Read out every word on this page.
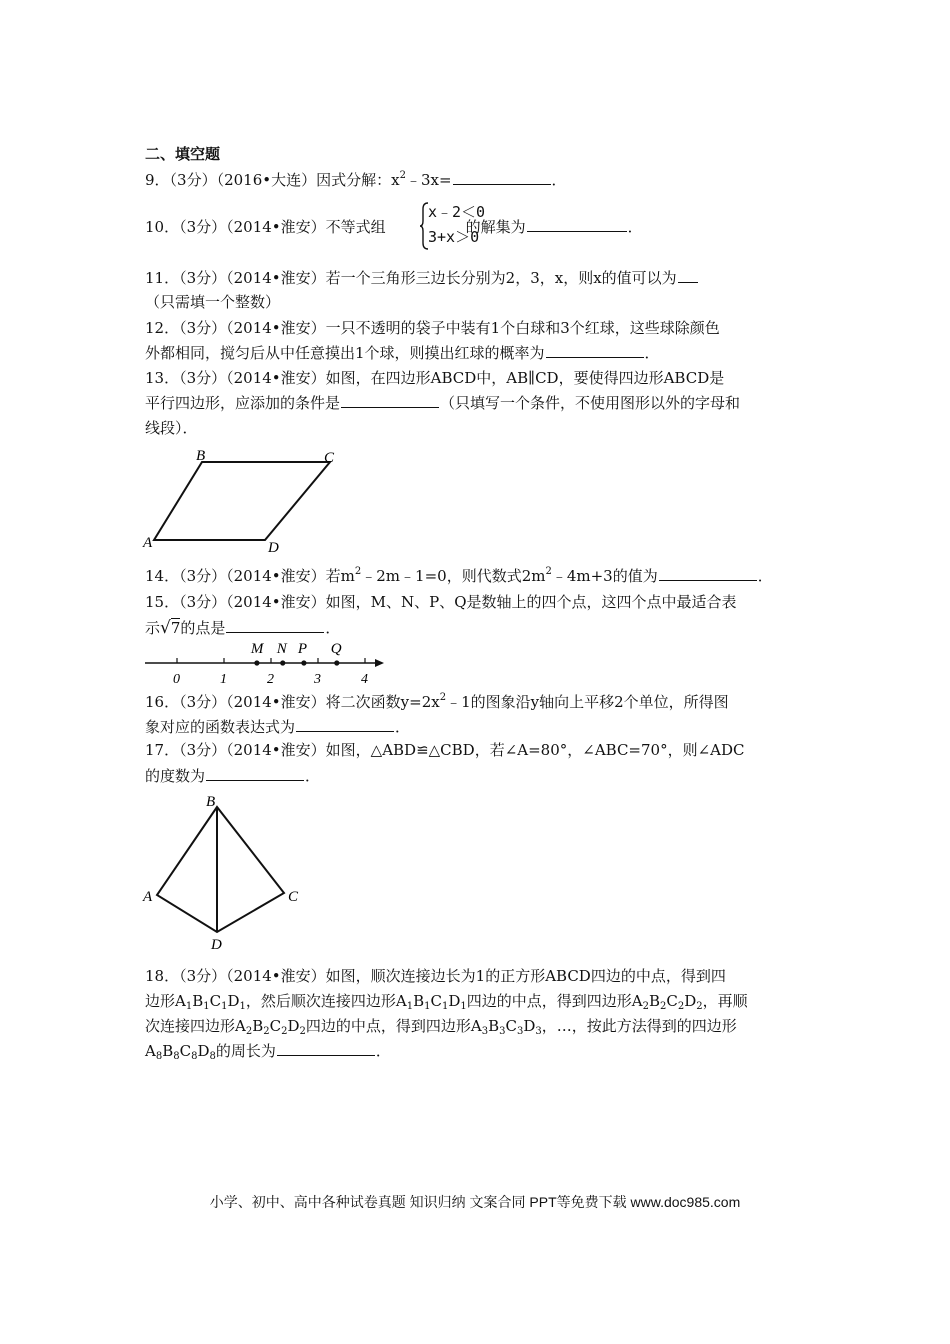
二、填空题
9．（3分）（2016•大连）因式分解：$x^2﹣3x=$	．
10．（3分）（2014•淮安）不等式组	的解集为	．
x﹣2＜0
3+x＞0
11．（3分）（2014•淮安）若一个三角形三边长分别为2，3，x，则x的值可以为
（只需填一个整数）
12．（3分）（2014•淮安）一只不透明的袋子中装有1个白球和3个红球，这些球除颜色
外都相同，搅匀后从中任意摸出1个球，则摸出红球的概率为	．
13．（3分）（2014•淮安）如图，在四边形ABCD中，AB∥CD，要使得四边形ABCD是
平行四边形，应添加的条件是	（只填写一个条件，不使用图形以外的字母和
线段）．
B	C
A	D
14．（3分）（2014•淮安）若$m^2﹣2m﹣1=0$，则代数式$2m^2﹣4m+3$的值为	．
15．（3分）（2014•淮安）如图，M、N、P、Q是数轴上的四个点，这四个点中最适合表
示√7的点是	．
0	1	2	3	4
M N P Q
16．（3分）（2014•淮安）将二次函数$y=2x^2﹣1$的图象沿y轴向上平移2个单位，所得图
象对应的函数表达式为	．
17．（3分）（2014•淮安）如图，△ABD≌△CBD，若∠A=80°，∠ABC=70°，则∠ADC
的度数为	．
B
A	C
D
18．（3分）（2014•淮安）如图，顺次连接边长为1的正方形ABCD四边的中点，得到四
边形$A_1B_1C_1D_1$，然后顺次连接四边形$A_1B_1C_1D_1$四边的中点，得到四边形$A_2B_2C_2D_2$，再顺
次连接四边形$A_2B_2C_2D_2$四边的中点，得到四边形$A_3B_3C_3D_3$，…，按此方法得到的四边形
$A_8B_8C_8D_8$的周长为	．
小学、初中、高中各种试卷真题 知识归纳 文案合同 PPT等免费下载 www.doc985.com
